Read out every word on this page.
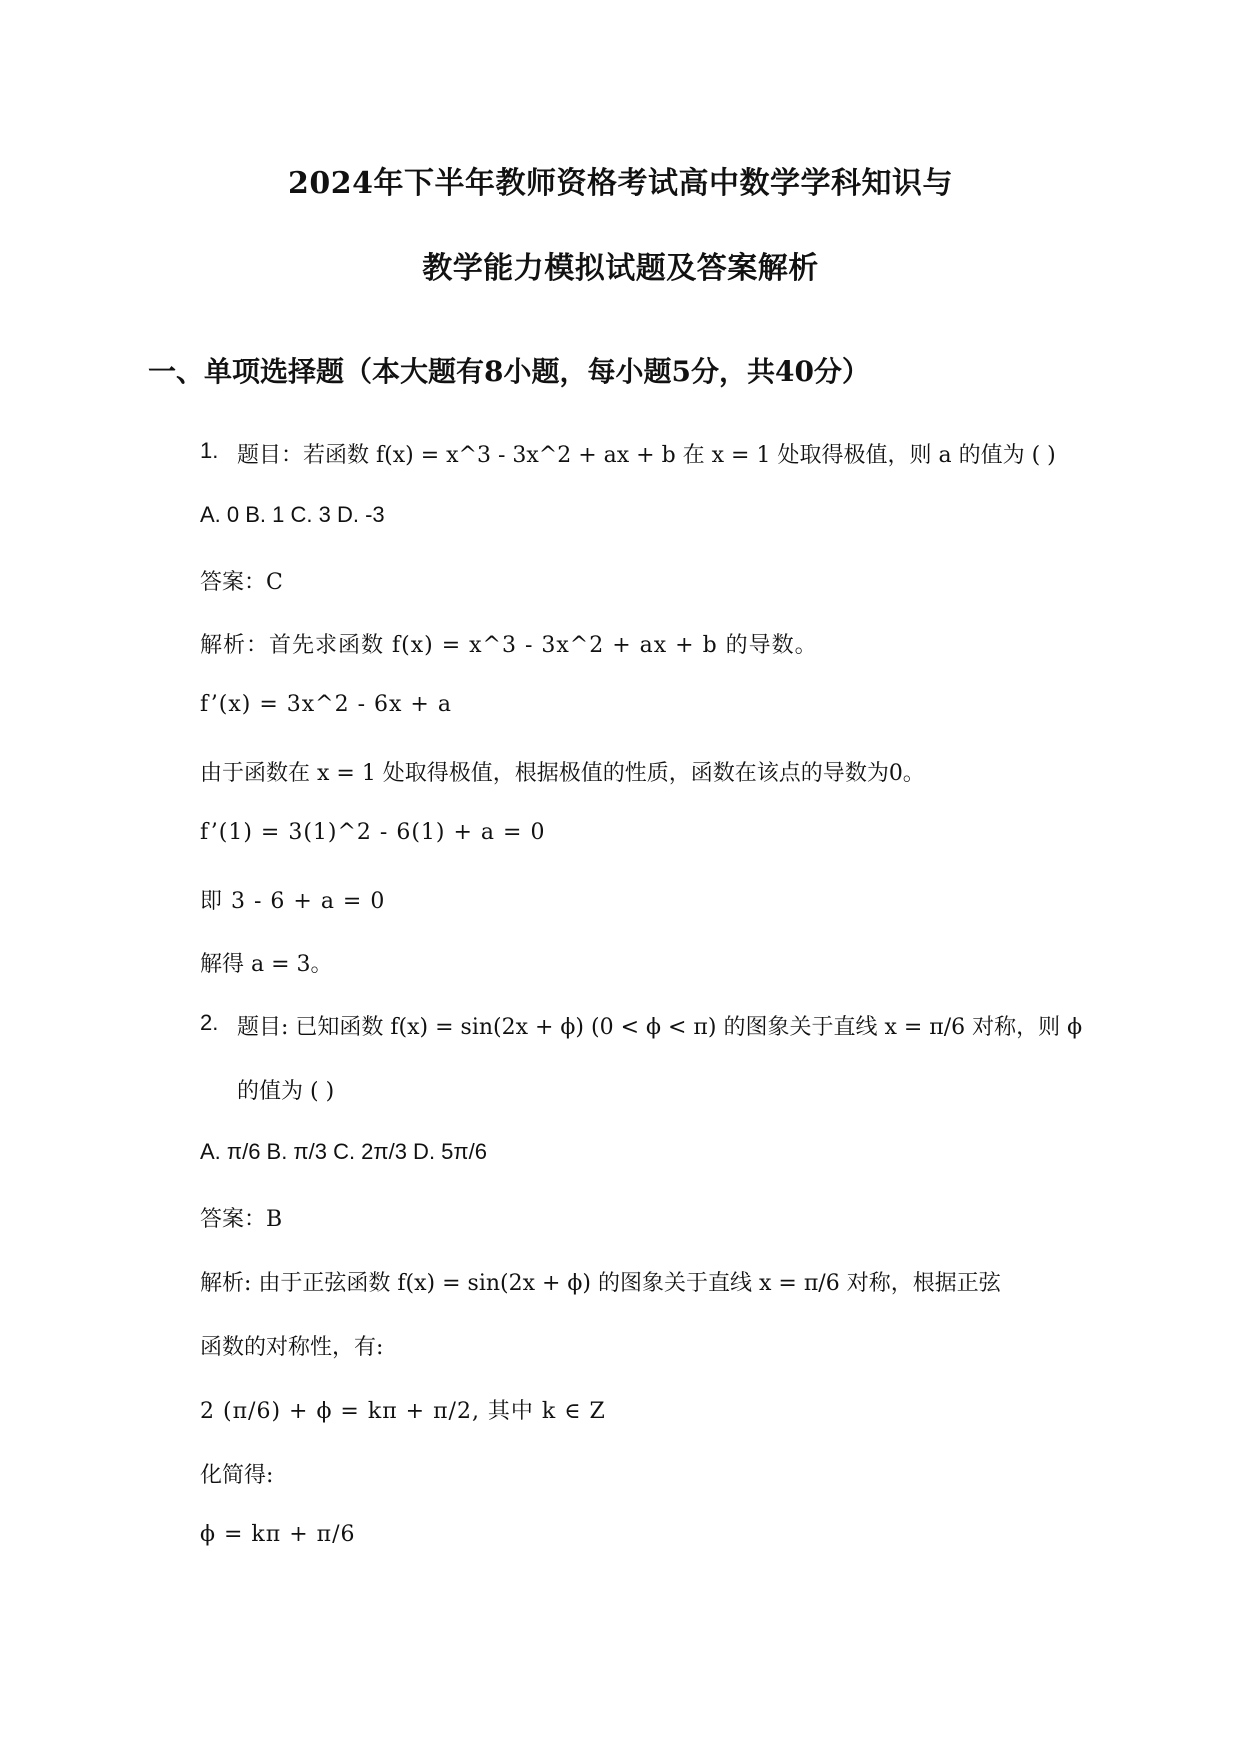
2024年下半年教师资格考试高中数学学科知识与
教学能力模拟试题及答案解析
一、单项选择题（本大题有8小题，每小题5分，共40分）
1. 题目：若函数 f(x) = x^3 - 3x^2 + ax + b 在 x = 1 处取得极值，则 a 的值为 ( )
A. 0 B. 1 C. 3 D. -3
答案：C
解析：首先求函数 f(x) = x^3 - 3x^2 + ax + b 的导数。
f’(x) = 3x^2 - 6x + a
由于函数在 x = 1 处取得极值，根据极值的性质，函数在该点的导数为0。
f’(1) = 3(1)^2 - 6(1) + a = 0
即 3 - 6 + a = 0
解得 a = 3。
2. 题目: 已知函数 f(x) = sin(2x + ϕ) (0 < ϕ < π) 的图象关于直线 x = π/6 对称，则 ϕ
的值为 ( )
A. π/6 B. π/3 C. 2π/3 D. 5π/6
答案：B
解析: 由于正弦函数 f(x) = sin(2x + ϕ) 的图象关于直线 x = π/6 对称，根据正弦
函数的对称性，有:
2 (π/6) + ϕ = kπ + π/2, 其中 k ∈ Z
化简得:
ϕ = kπ + π/6
